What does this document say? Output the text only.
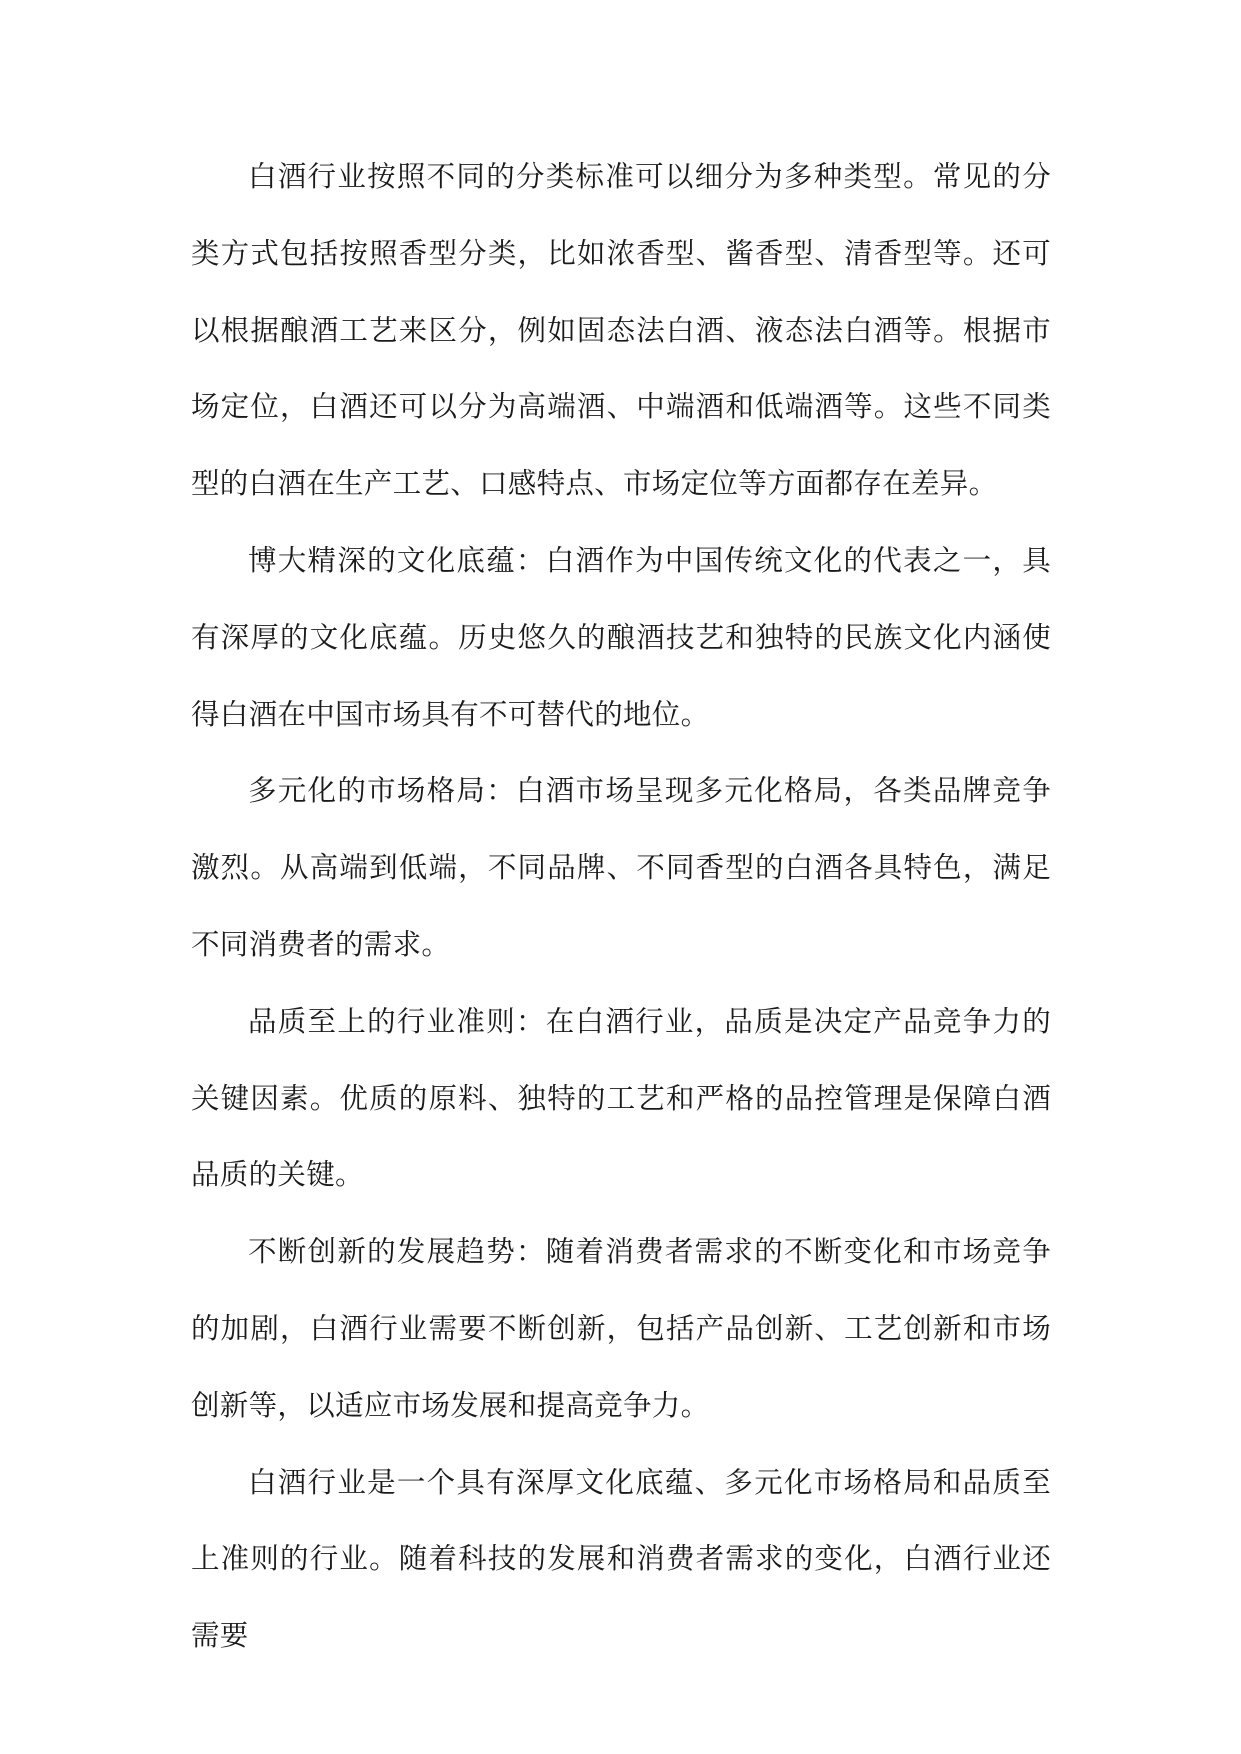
白酒行业按照不同的分类标准可以细分为多种类型。常见的分类方式包括按照香型分类，比如浓香型、酱香型、清香型等。还可以根据酿酒工艺来区分，例如固态法白酒、液态法白酒等。根据市场定位，白酒还可以分为高端酒、中端酒和低端酒等。这些不同类型的白酒在生产工艺、口感特点、市场定位等方面都存在差异。

博大精深的文化底蕴：白酒作为中国传统文化的代表之一，具有深厚的文化底蕴。历史悠久的酿酒技艺和独特的民族文化内涵使得白酒在中国市场具有不可替代的地位。

多元化的市场格局：白酒市场呈现多元化格局，各类品牌竞争激烈。从高端到低端，不同品牌、不同香型的白酒各具特色，满足不同消费者的需求。

品质至上的行业准则：在白酒行业，品质是决定产品竞争力的关键因素。优质的原料、独特的工艺和严格的品控管理是保障白酒品质的关键。

不断创新的发展趋势：随着消费者需求的不断变化和市场竞争的加剧，白酒行业需要不断创新，包括产品创新、工艺创新和市场创新等，以适应市场发展和提高竞争力。

白酒行业是一个具有深厚文化底蕴、多元化市场格局和品质至上准则的行业。随着科技的发展和消费者需求的变化，白酒行业还需要
